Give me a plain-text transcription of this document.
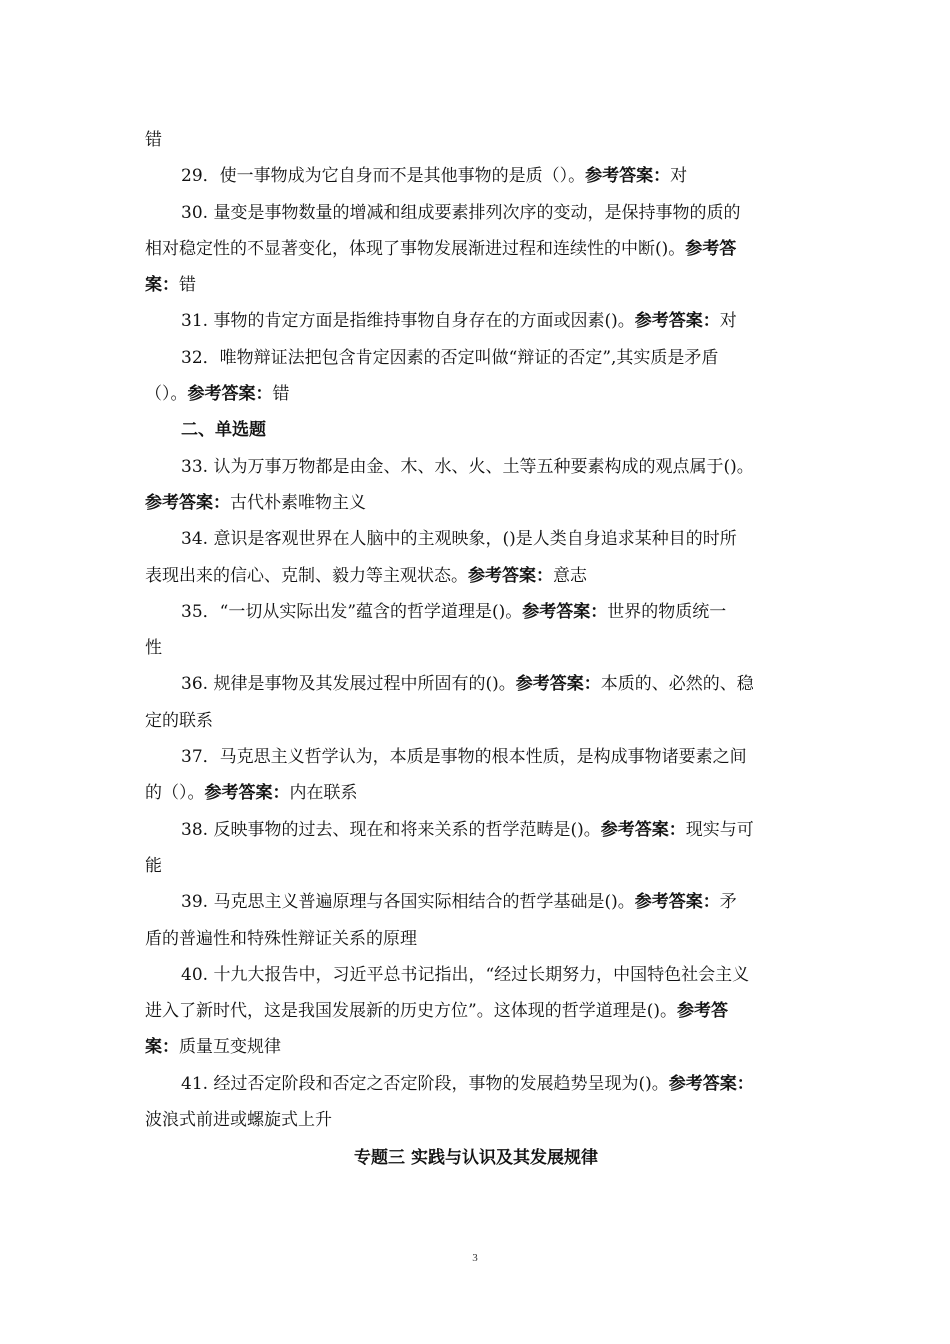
错
29．使一事物成为它自身而不是其他事物的是质（）。参考答案：对
30. 量变是事物数量的增减和组成要素排列次序的变动，是保持事物的质的
相对稳定性的不显著变化，体现了事物发展渐进过程和连续性的中断()。参考答
案：错
31. 事物的肯定方面是指维持事物自身存在的方面或因素()。参考答案：对
32．唯物辩证法把包含肯定因素的否定叫做“辩证的否定”,其实质是矛盾
（）。参考答案：错
二、单选题
33. 认为万事万物都是由金、木、水、火、土等五种要素构成的观点属于()。
参考答案：古代朴素唯物主义
34. 意识是客观世界在人脑中的主观映象，()是人类自身追求某种目的时所
表现出来的信心、克制、毅力等主观状态。参考答案：意志
35．“一切从实际出发”蕴含的哲学道理是()。参考答案：世界的物质统一
性
36. 规律是事物及其发展过程中所固有的()。参考答案：本质的、必然的、稳
定的联系
37．马克思主义哲学认为，本质是事物的根本性质，是构成事物诸要素之间
的（）。参考答案：内在联系
38. 反映事物的过去、现在和将来关系的哲学范畴是()。参考答案：现实与可
能
39. 马克思主义普遍原理与各国实际相结合的哲学基础是()。参考答案：矛
盾的普遍性和特殊性辩证关系的原理
40. 十九大报告中，习近平总书记指出，“经过长期努力，中国特色社会主义
进入了新时代，这是我国发展新的历史方位”。这体现的哲学道理是()。参考答
案：质量互变规律
41. 经过否定阶段和否定之否定阶段，事物的发展趋势呈现为()。参考答案：
波浪式前进或螺旋式上升
专题三 实践与认识及其发展规律
3
